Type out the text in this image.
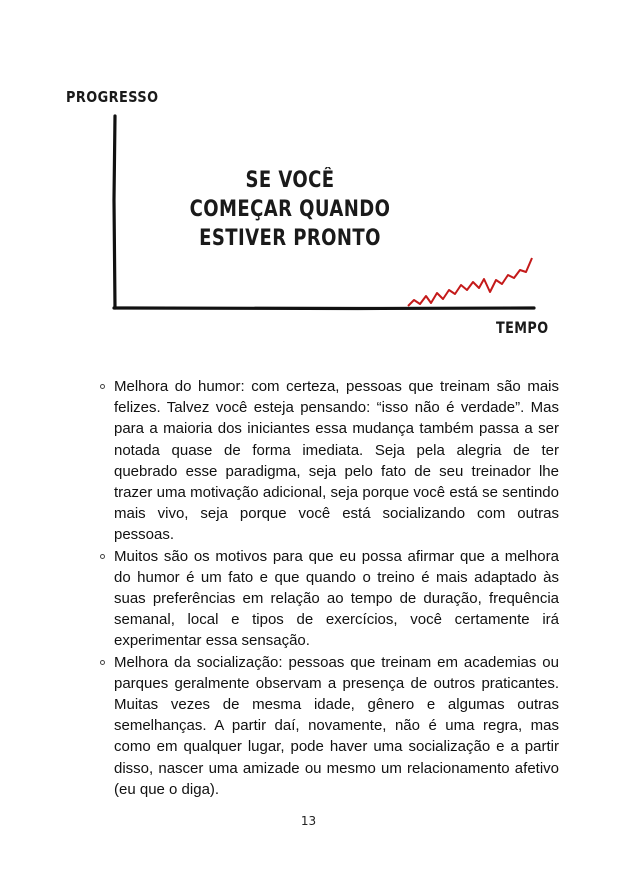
PROGRESSO
SE VOCÊ
COMEÇAR QUANDO
ESTIVER PRONTO
TEMPO
Melhora do humor: com certeza, pessoas que treinam são mais felizes. Talvez você esteja pensando: “isso não é verdade”. Mas para a maioria dos iniciantes essa mudança também passa a ser notada quase de forma imediata. Seja pela alegria de ter quebrado esse paradigma, seja pelo fato de seu treinador lhe trazer uma motivação adicional, seja porque você está se sentindo mais vivo, seja porque você está socializando com outras pessoas.
Muitos são os motivos para que eu possa afirmar que a melhora do humor é um fato e que quando o treino é mais adaptado às suas preferências em relação ao tempo de duração, frequência semanal, local e tipos de exercícios, você certamente irá experimentar essa sensação.
Melhora da socialização: pessoas que treinam em academias ou parques geralmente observam a presença de outros praticantes. Muitas vezes de mesma idade, gênero e algumas outras semelhanças. A partir daí, novamente, não é uma regra, mas como em qualquer lugar, pode haver uma socialização e a partir disso, nascer uma amizade ou mesmo um relacionamento afetivo (eu que o diga).
13
